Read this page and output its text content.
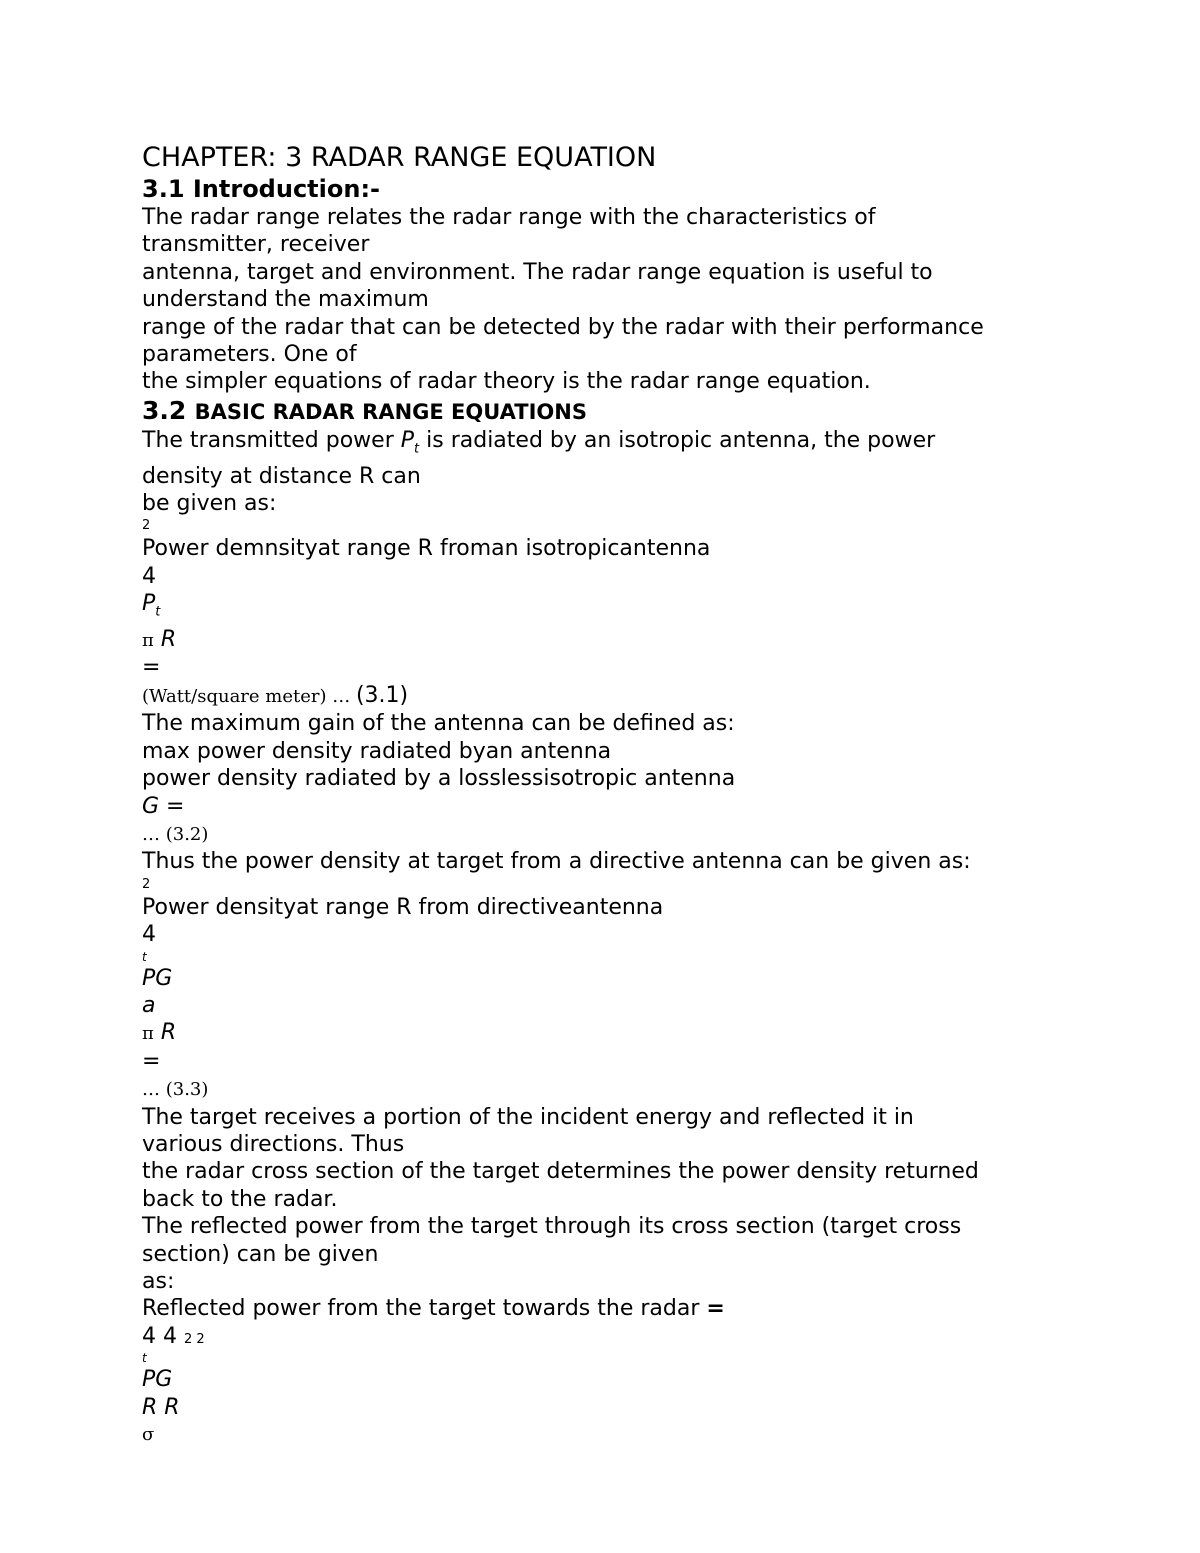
CHAPTER: 3 RADAR RANGE EQUATION
3.1 Introduction:-
The radar range relates the radar range with the characteristics of
transmitter, receiver
antenna, target and environment. The radar range equation is useful to
understand the maximum
range of the radar that can be detected by the radar with their performance
parameters. One of
the simpler equations of radar theory is the radar range equation.
3.2 BASIC RADAR RANGE EQUATIONS
The transmitted power $P_t$ is radiated by an isotropic antenna, the power
density at distance R can
be given as:
2
Power demnsityat range R froman isotropicantenna
4
$P_t$
π R
=
(Watt/square meter) … (3.1)
The maximum gain of the antenna can be defined as:
max power density radiated byan antenna
power density radiated by a losslessisotropic antenna
G =
… (3.2)
Thus the power density at target from a directive antenna can be given as:
2
Power densityat range R from directiveantenna
4
t
PG
a
π R
=
… (3.3)
The target receives a portion of the incident energy and reflected it in
various directions. Thus
the radar cross section of the target determines the power density returned
back to the radar.
The reflected power from the target through its cross section (target cross
section) can be given
as:
Reflected power from the target towards the radar =
4 4 2 2
t
PG
R R
σ
